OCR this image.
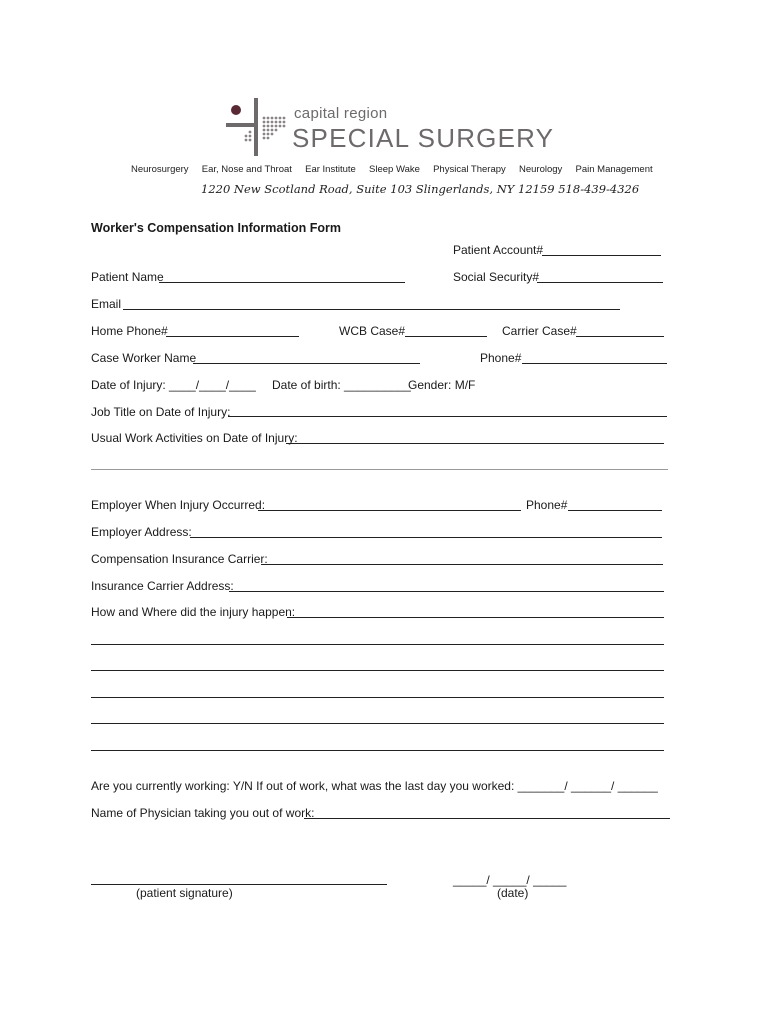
capital region
SPECIAL SURGERY
Neurosurgery Ear, Nose and Throat Ear Institute Sleep Wake Physical Therapy Neurology Pain Management
1220 New Scotland Road, Suite 103 Slingerlands, NY 12159 518-439-4326
Worker's Compensation Information Form
Patient Account#
Patient Name	Social Security#
Email
Home Phone#	WCB Case#	Carrier Case#
Case Worker Name	Phone#
Date of Injury: ____/____/____ Date of birth: __________
Gender: M/F
Job Title on Date of Injury:
Usual Work Activities on Date of Injury:
Employer When Injury Occurred:	Phone#
Employer Address:
Compensation Insurance Carrier:
Insurance Carrier Address:
How and Where did the injury happen:
Are you currently working: Y/N If out of work, what was the last day you worked: _______/ ______/ ______
Name of Physician taking you out of work:
(patient signature)
_____/ _____/ _____
(date)
